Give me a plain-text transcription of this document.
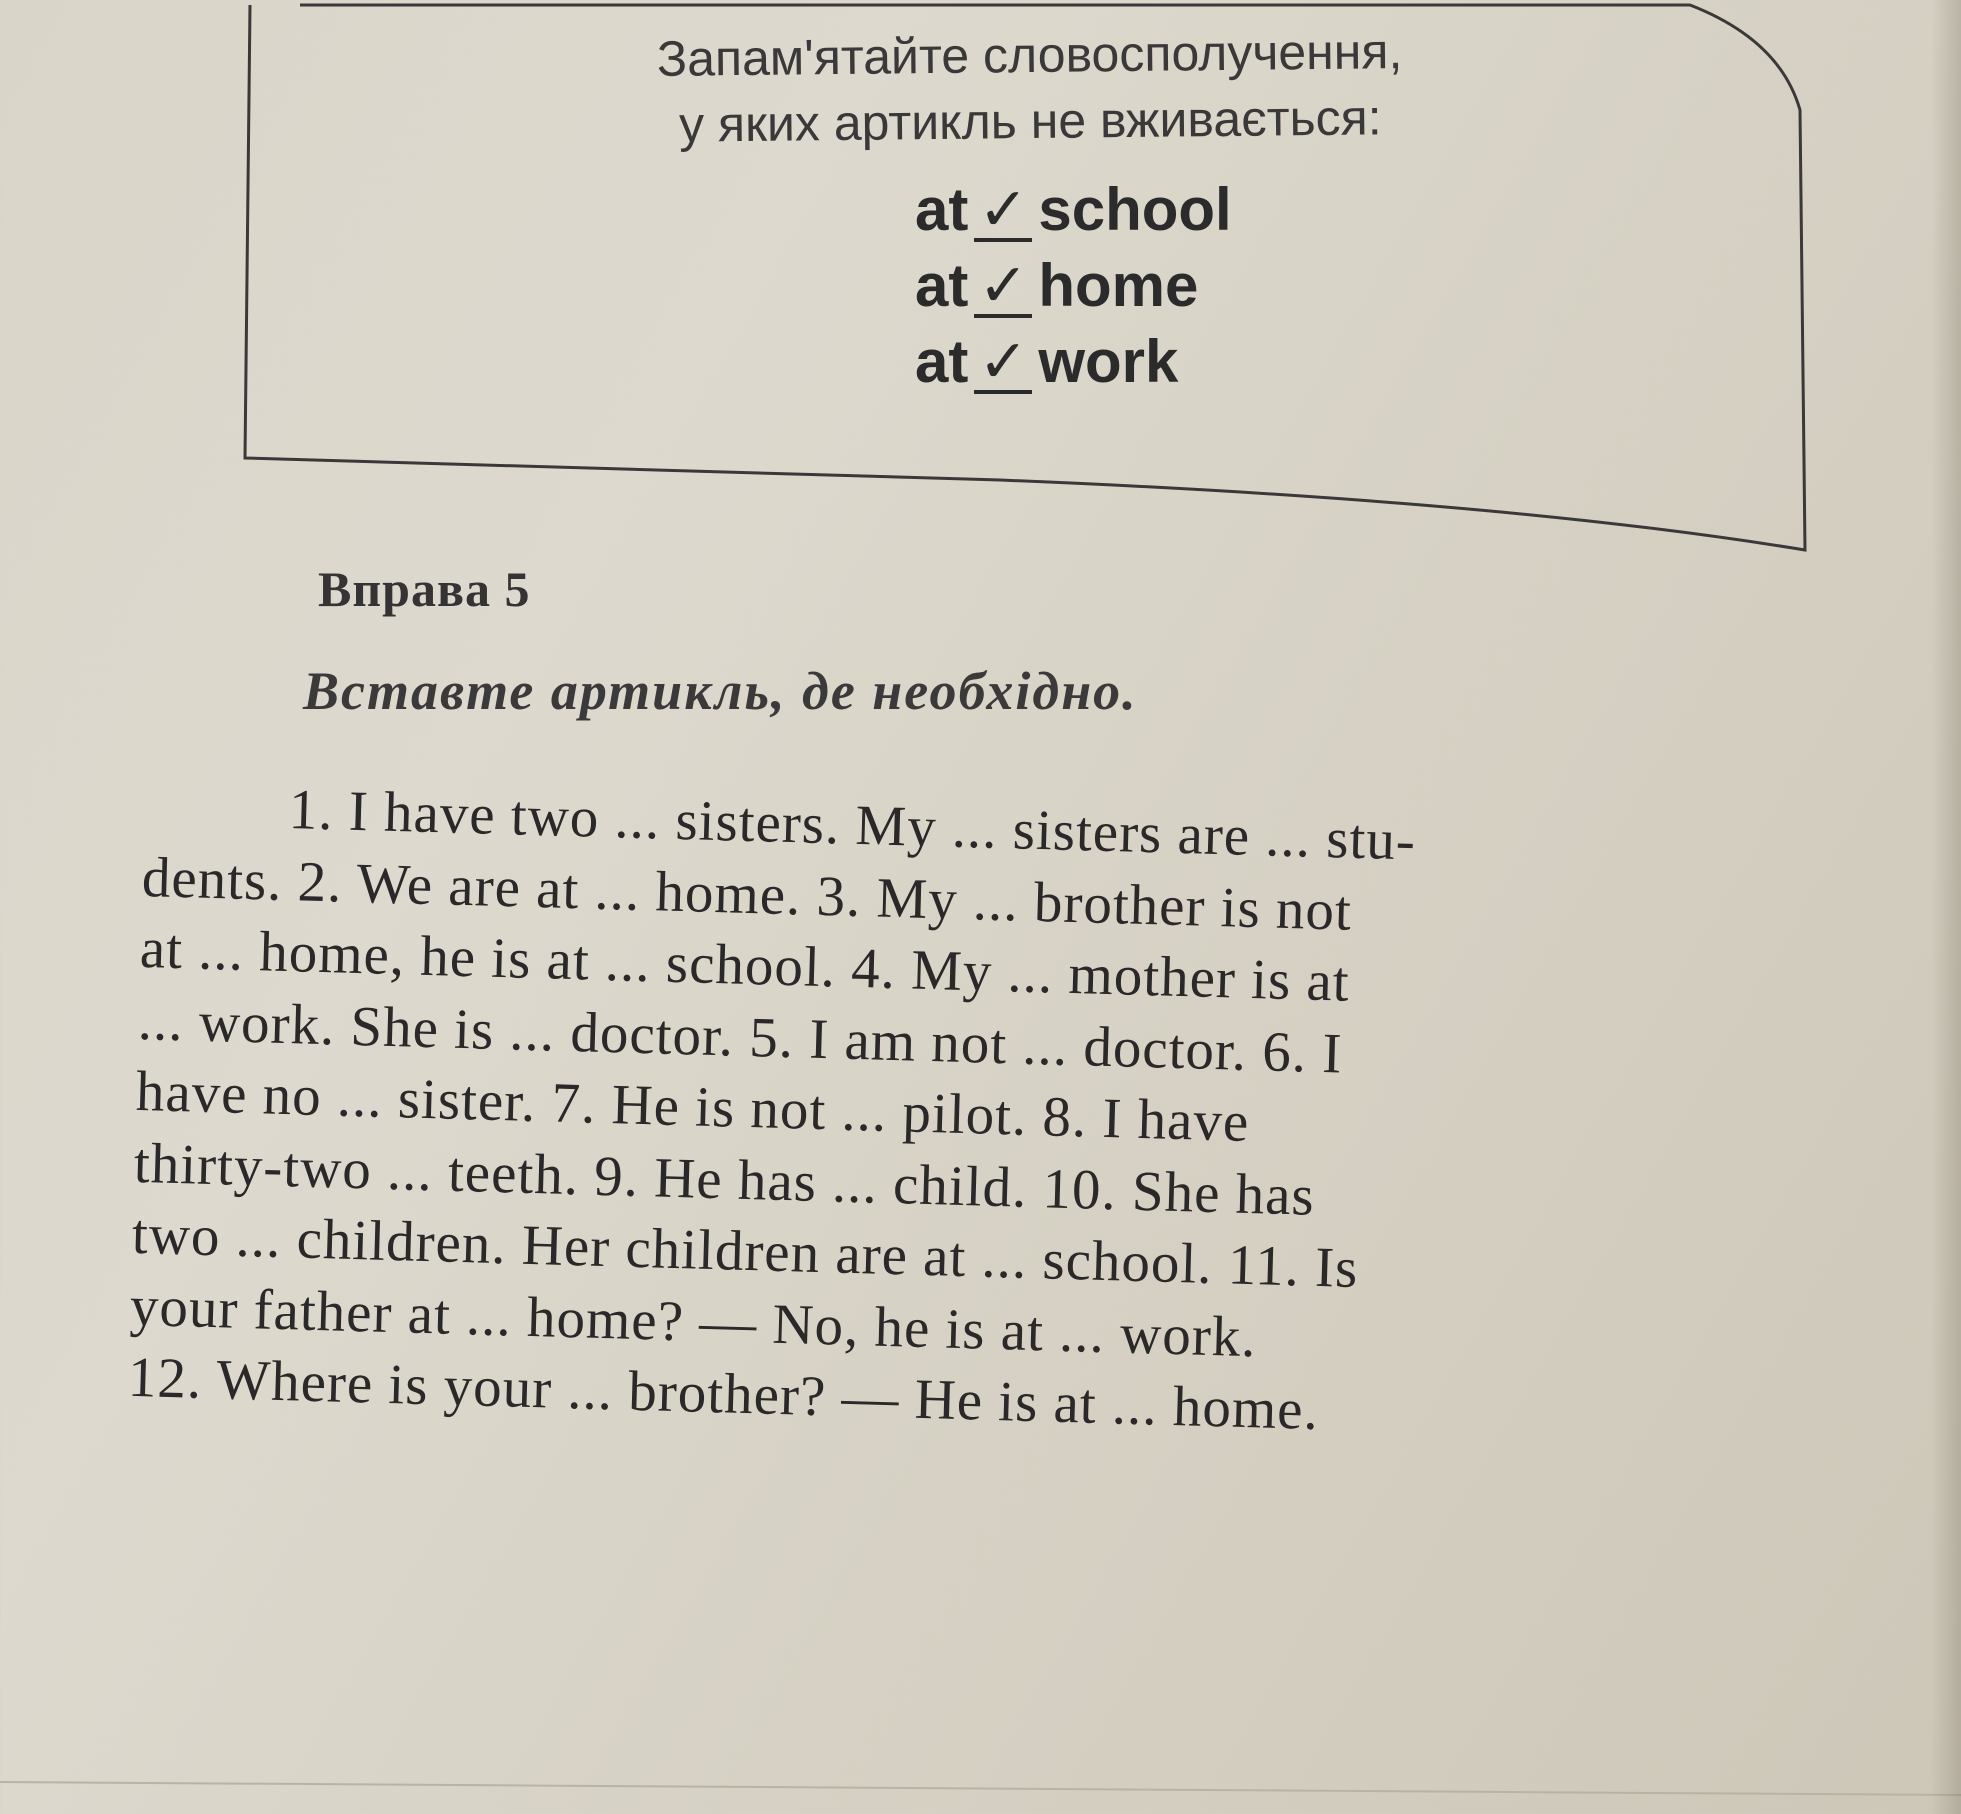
Запам'ятайте словосполучення,
у яких артикль не вживається:
at ✓ school
at ✓ home
at ✓ work
Вправа 5
Вставте артикль, де необхідно.
1. I have two ... sisters. My ... sisters are ... stu-
dents. 2. We are at ... home. 3. My ... brother is not
at ... home, he is at ... school. 4. My ... mother is at
... work. She is ... doctor. 5. I am not ... doctor. 6. I
have no ... sister. 7. He is not ... pilot. 8. I have
thirty-two ... teeth. 9. He has ... child. 10. She has
two ... children. Her children are at ... school. 11. Is
your father at ... home? — No, he is at ... work.
12. Where is your ... brother? — He is at ... home.
